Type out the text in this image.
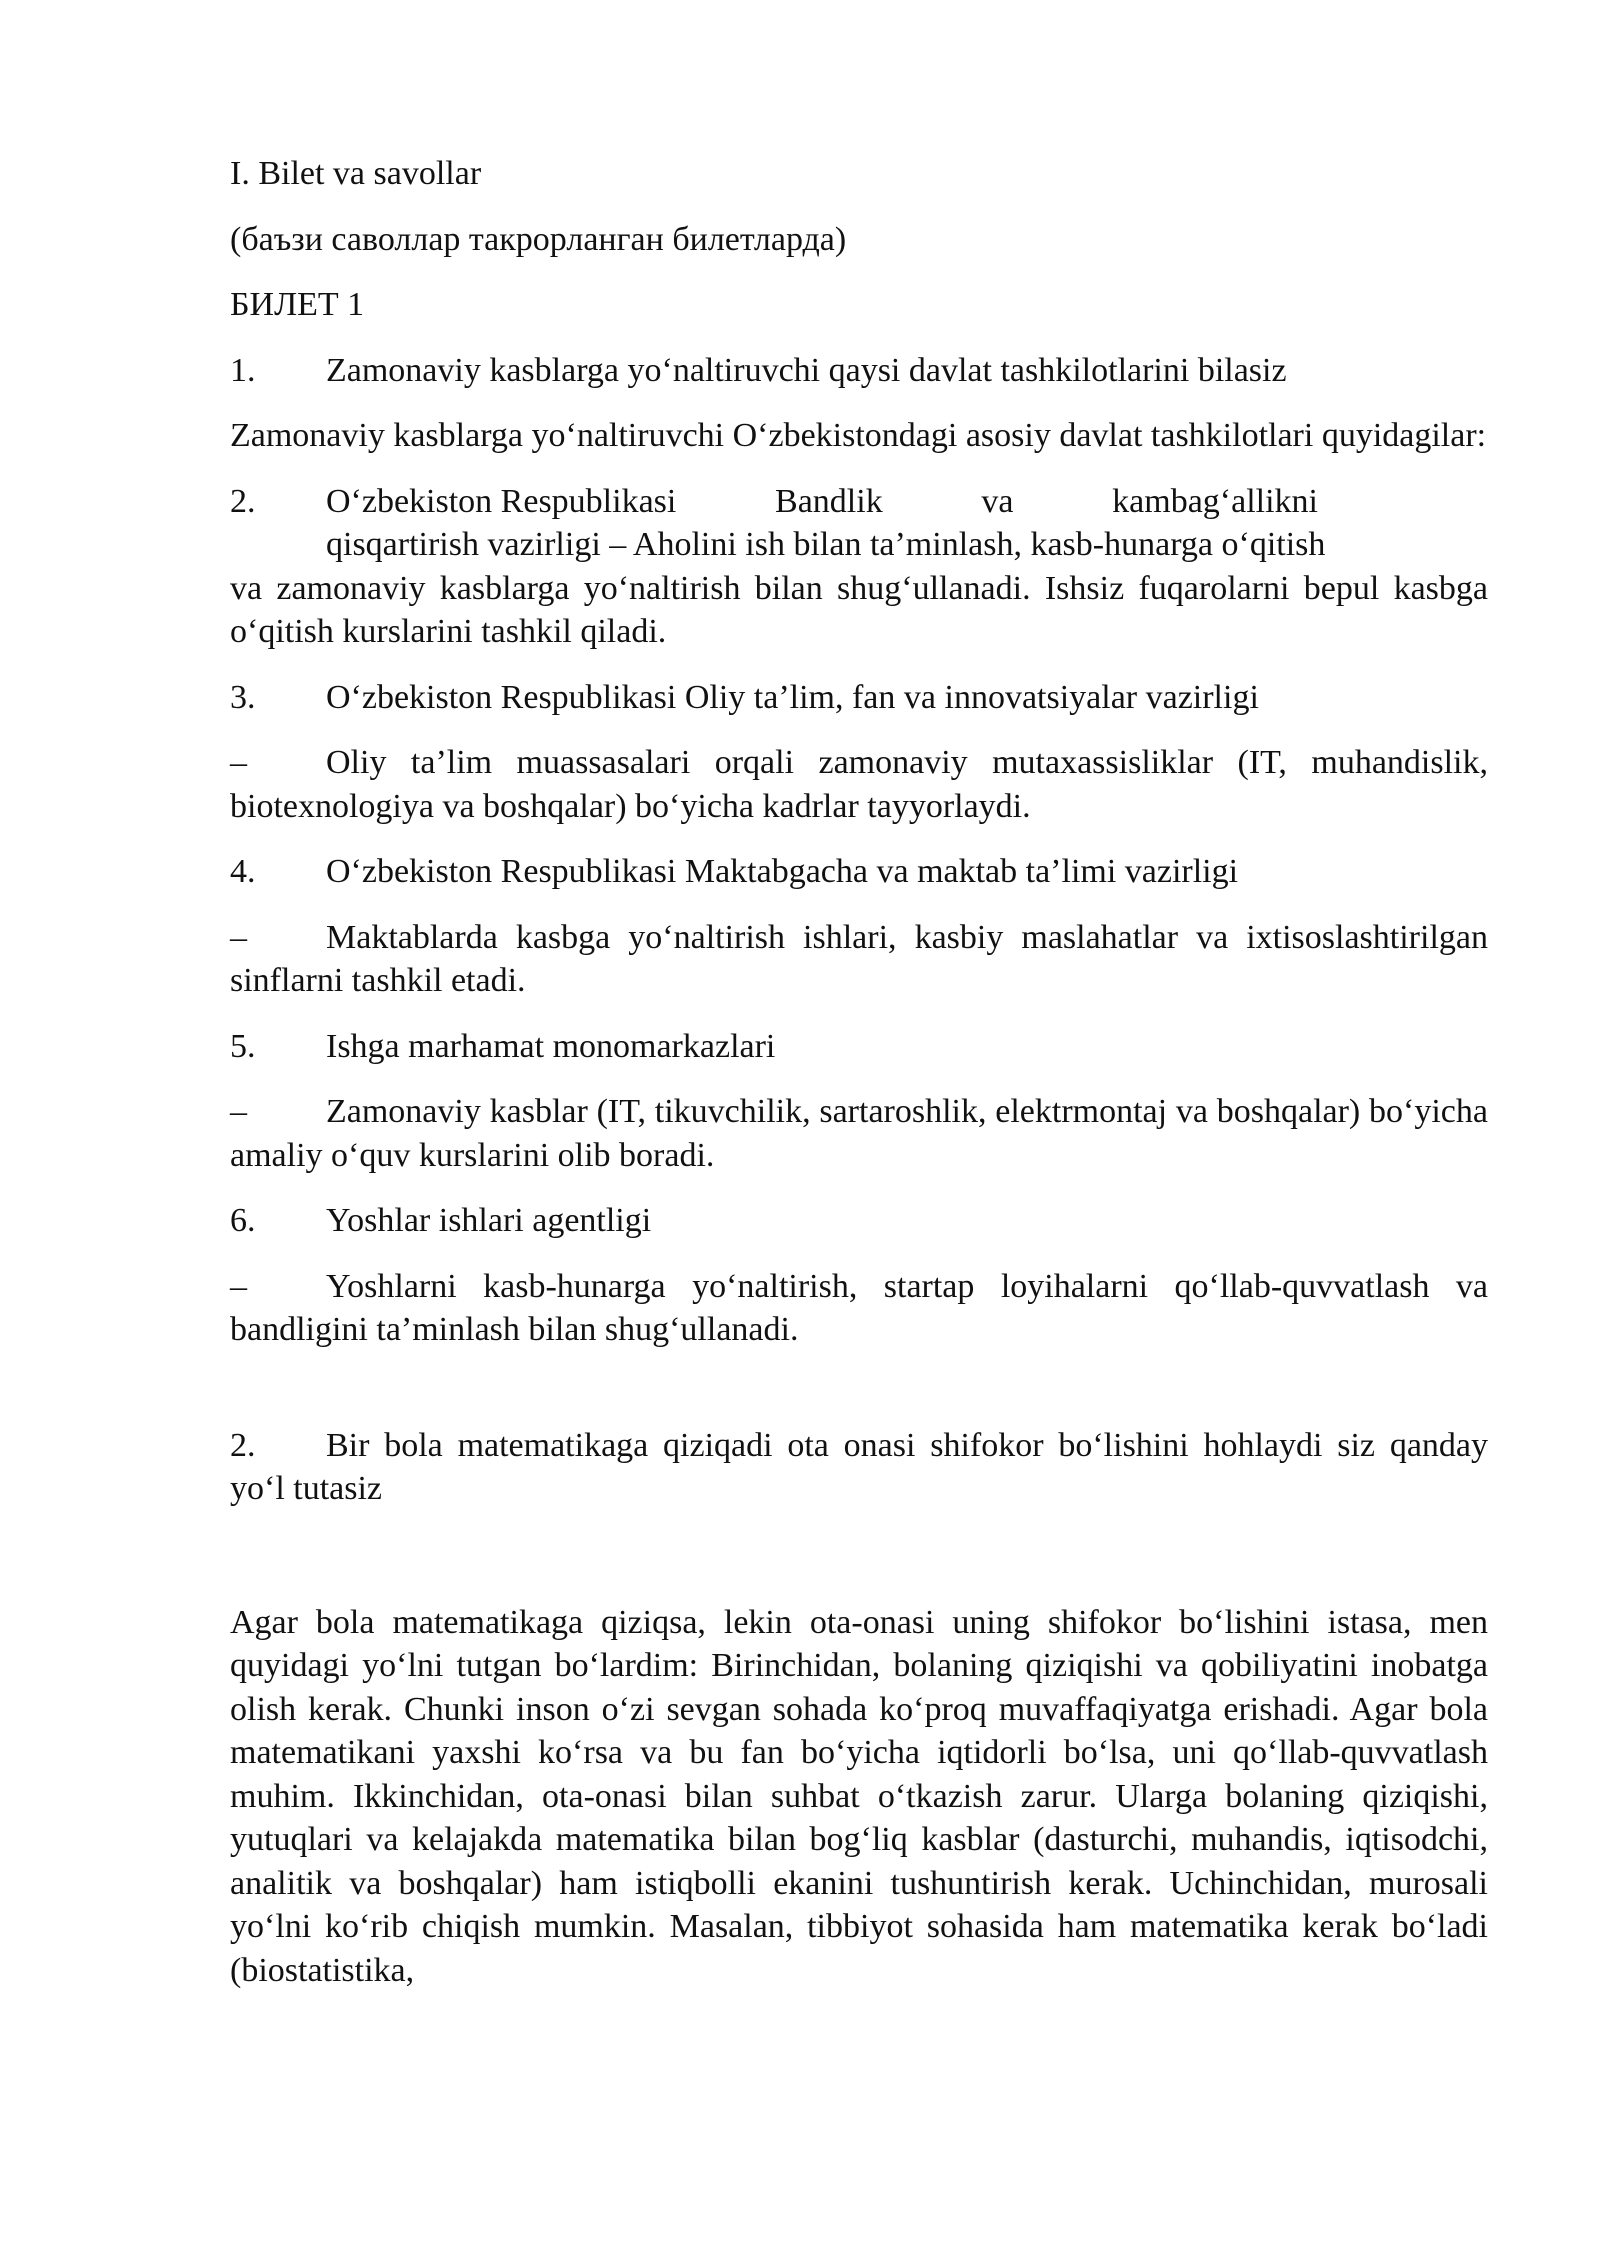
I. Bilet va savollar

(баъзи саволлар такрорланган билетларда)

БИЛЕТ 1

1.	Zamonaviy kasblarga yo‘naltiruvchi qaysi davlat tashkilotlarini bilasiz

Zamonaviy kasblarga yo‘naltiruvchi O‘zbekistondagi asosiy davlat tashkilotlari quyidagilar:

2.	O‘zbekiston Respublikasi	Bandlik	va	kambag‘allikni
qisqartirish vazirligi – Aholini ish bilan ta’minlash, kasb-hunarga o‘qitish
va zamonaviy kasblarga yo‘naltirish bilan shug‘ullanadi. Ishsiz fuqarolarni bepul kasbga o‘qitish kurslarini tashkil qiladi.
3.	O‘zbekiston Respublikasi Oliy ta’lim, fan va innovatsiyalar vazirligi

– Oliy ta’lim muassasalari orqali zamonaviy mutaxassisliklar (IT, muhandislik, biotexnologiya va boshqalar) bo‘yicha kadrlar tayyorlaydi.

4.	O‘zbekiston Respublikasi Maktabgacha va maktab ta’limi vazirligi

– Maktablarda kasbga yo‘naltirish ishlari, kasbiy maslahatlar va ixtisoslashtirilgan sinflarni tashkil etadi.

5.	Ishga marhamat monomarkazlari

– Zamonaviy kasblar (IT, tikuvchilik, sartaroshlik, elektrmontaj va boshqalar) bo‘yicha amaliy o‘quv kurslarini olib boradi.

6.	Yoshlar ishlari agentligi

– Yoshlarni kasb-hunarga yo‘naltirish, startap loyihalarni qo‘llab-quvvatlash va bandligini ta’minlash bilan shug‘ullanadi.

2. Bir bola matematikaga qiziqadi ota onasi shifokor bo‘lishini hohlaydi siz qanday yo‘l tutasiz

Agar bola matematikaga qiziqsa, lekin ota-onasi uning shifokor bo‘lishini istasa, men quyidagi yo‘lni tutgan bo‘lardim: Birinchidan, bolaning qiziqishi va qobiliyatini inobatga olish kerak. Chunki inson o‘zi sevgan sohada ko‘proq muvaffaqiyatga erishadi. Agar bola matematikani yaxshi ko‘rsa va bu fan bo‘yicha iqtidorli bo‘lsa, uni qo‘llab-quvvatlash muhim. Ikkinchidan, ota-onasi bilan suhbat o‘tkazish zarur. Ularga bolaning qiziqishi, yutuqlari va kelajakda matematika bilan bog‘liq kasblar (dasturchi, muhandis, iqtisodchi, analitik va boshqalar) ham istiqbolli ekanini tushuntirish kerak. Uchinchidan, murosali yo‘lni ko‘rib chiqish mumkin. Masalan, tibbiyot sohasida ham matematika kerak bo‘ladi (biostatistika,
